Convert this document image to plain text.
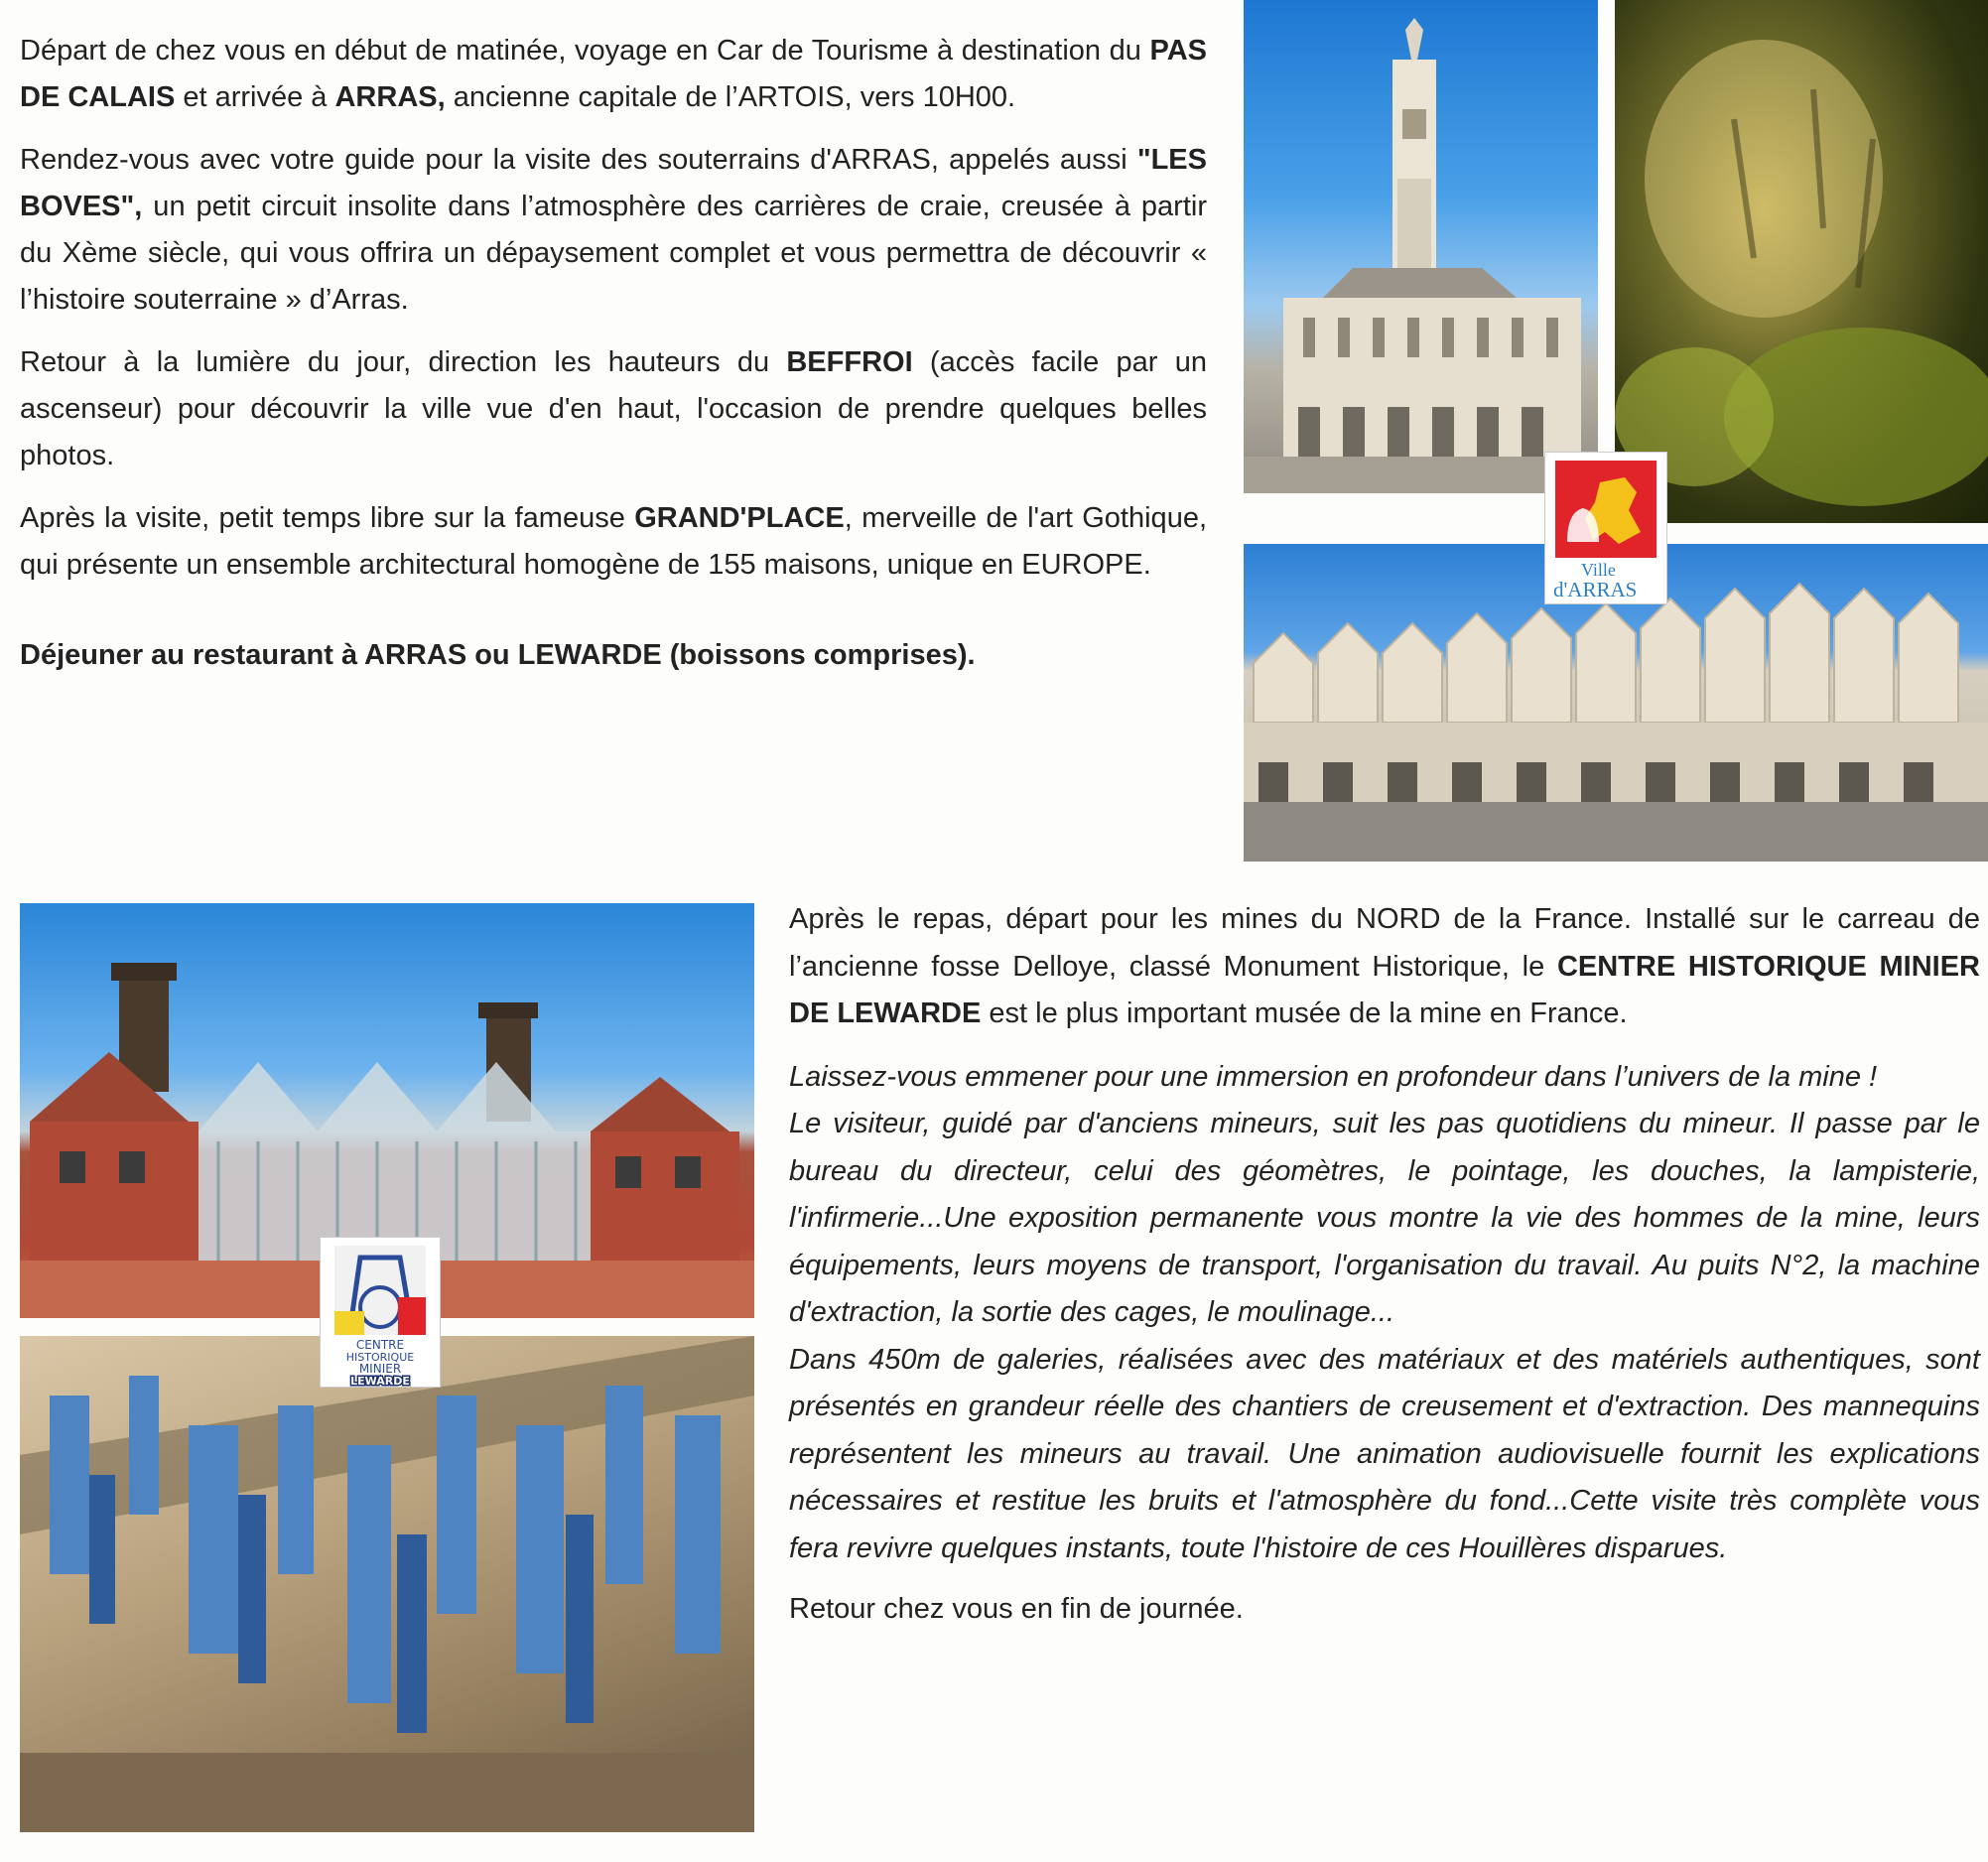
Départ de chez vous en début de matinée, voyage en Car de Tourisme à destination du PAS DE CALAIS et arrivée à ARRAS, ancienne capitale de l’ARTOIS, vers 10H00.

Rendez-vous avec votre guide pour la visite des souterrains d'ARRAS, appelés aussi "LES BOVES", un petit circuit insolite dans l’atmosphère des carrières de craie, creusée à partir du Xème siècle, qui vous offrira un dépaysement complet et vous permettra de découvrir « l’histoire souterraine » d’Arras.

Retour à la lumière du jour, direction les hauteurs du BEFFROI (accès facile par un ascenseur) pour découvrir la ville vue d'en haut, l'occasion de prendre quelques belles photos.

Après la visite, petit temps libre sur la fameuse GRAND'PLACE, merveille de l'art Gothique, qui présente un ensemble architectural homogène de 155 maisons, unique en EUROPE.

Déjeuner au restaurant à ARRAS ou LEWARDE (boissons comprises).

Ville
d'ARRAS
CENTRE
HISTORIQUE
MINIER
LEWARDE

Après le repas, départ pour les mines du NORD de la France. Installé sur le carreau de l’ancienne fosse Delloye, classé Monument Historique, le CENTRE HISTORIQUE MINIER DE LEWARDE est le plus important musée de la mine en France.

Laissez-vous emmener pour une immersion en profondeur dans l’univers de la mine !

Le visiteur, guidé par d'anciens mineurs, suit les pas quotidiens du mineur. Il passe par le bureau du directeur, celui des géomètres, le pointage, les douches, la lampisterie, l'infirmerie...Une exposition permanente vous montre la vie des hommes de la mine, leurs équipements, leurs moyens de transport, l'organisation du travail. Au puits N°2, la machine d'extraction, la sortie des cages, le moulinage...

Dans 450m de galeries, réalisées avec des matériaux et des matériels authentiques, sont présentés en grandeur réelle des chantiers de creusement et d'extraction. Des mannequins représentent les mineurs au travail. Une animation audiovisuelle fournit les explications nécessaires et restitue les bruits et l'atmosphère du fond...Cette visite très complète vous fera revivre quelques instants, toute l'histoire de ces Houillères disparues.

Retour chez vous en fin de journée.
